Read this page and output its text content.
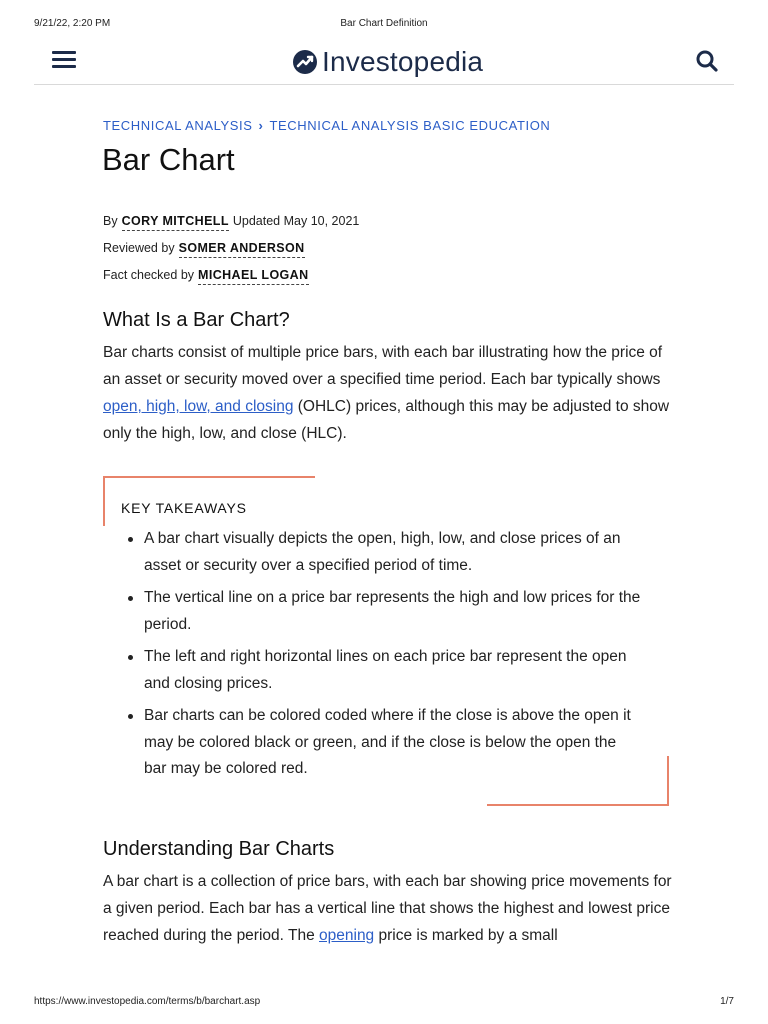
9/21/22, 2:20 PM	Bar Chart Definition
Investopedia
TECHNICAL ANALYSIS › TECHNICAL ANALYSIS BASIC EDUCATION
Bar Chart
By CORY MITCHELL Updated May 10, 2021
Reviewed by SOMER ANDERSON
Fact checked by MICHAEL LOGAN
What Is a Bar Chart?

Bar charts consist of multiple price bars, with each bar illustrating how the price of an asset or security moved over a specified time period. Each bar typically shows open, high, low, and closing (OHLC) prices, although this may be adjusted to show only the high, low, and close (HLC).

KEY TAKEAWAYS
A bar chart visually depicts the open, high, low, and close prices of an asset or security over a specified period of time.
The vertical line on a price bar represents the high and low prices for the period.
The left and right horizontal lines on each price bar represent the open and closing prices.
Bar charts can be colored coded where if the close is above the open it may be colored black or green, and if the close is below the open the bar may be colored red.
Understanding Bar Charts

A bar chart is a collection of price bars, with each bar showing price movements for a given period. Each bar has a vertical line that shows the highest and lowest price reached during the period. The opening price is marked by a small

https://www.investopedia.com/terms/b/barchart.asp	1/7
